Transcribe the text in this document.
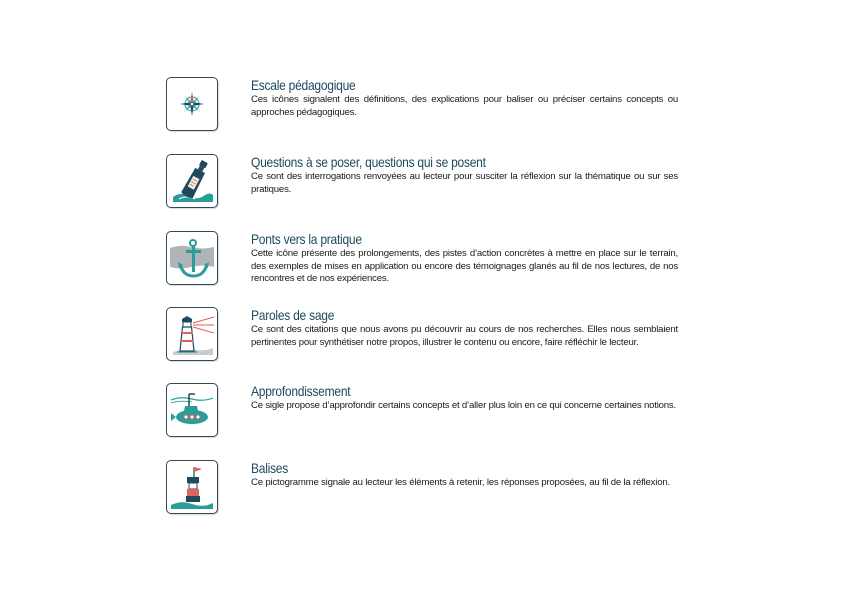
Escale pédagogique

Ces icônes signalent des définitions, des explications pour baliser ou préciser certains concepts ou approches pédagogiques.

Questions à se poser, questions qui se posent

Ce sont des interrogations renvoyées au lecteur pour susciter la réflexion sur la thématique ou sur ses pratiques.

Ponts vers la pratique

Cette icône présente des prolongements, des pistes d’action concrètes à mettre en place sur le terrain, des exemples de mises en application ou encore des témoignages glanés au fil de nos lectures, de nos rencontres et de nos expériences.

Paroles de sage

Ce sont des citations que nous avons pu découvrir au cours de nos recherches. Elles nous semblaient pertinentes pour synthétiser notre propos, illustrer le contenu ou encore, faire réfléchir le lecteur.

Approfondissement

Ce sigle propose d’approfondir certains concepts et d’aller plus loin en ce qui concerne certaines notions.

Balises

Ce pictogramme signale au lecteur les éléments à retenir, les réponses proposées, au fil de la réflexion.
